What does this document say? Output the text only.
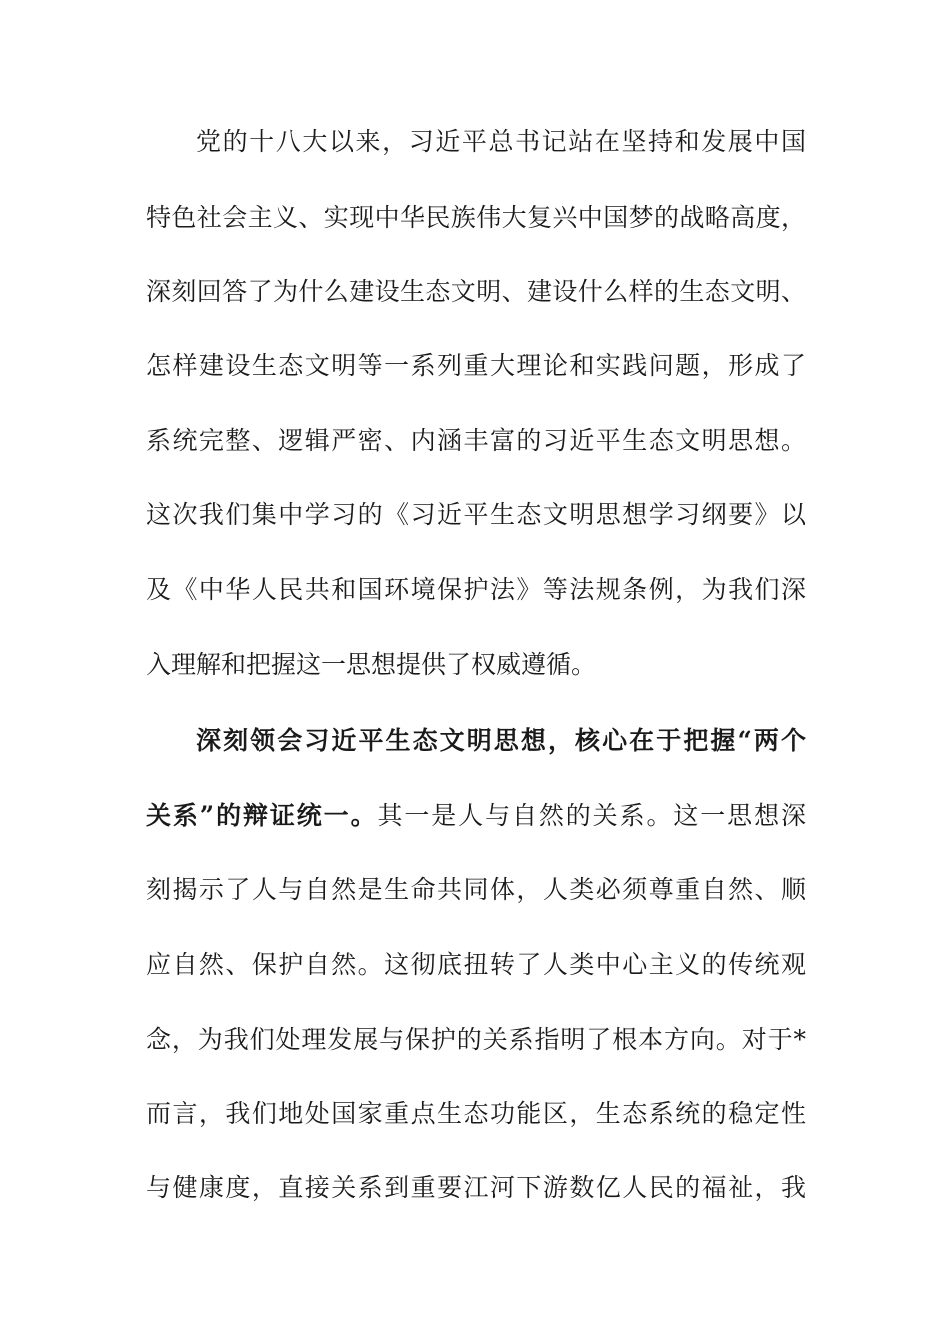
党的十八大以来，习近平总书记站在坚持和发展中国
特色社会主义、实现中华民族伟大复兴中国梦的战略高度，
深刻回答了为什么建设生态文明、建设什么样的生态文明、
怎样建设生态文明等一系列重大理论和实践问题，形成了
系统完整、逻辑严密、内涵丰富的习近平生态文明思想。
这次我们集中学习的《习近平生态文明思想学习纲要》以
及《中华人民共和国环境保护法》等法规条例，为我们深
入理解和把握这一思想提供了权威遵循。
深刻领会习近平生态文明思想，核心在于把握“两个
关系”的辩证统一。其一是人与自然的关系。这一思想深
刻揭示了人与自然是生命共同体，人类必须尊重自然、顺
应自然、保护自然。这彻底扭转了人类中心主义的传统观
念，为我们处理发展与保护的关系指明了根本方向。对于*
而言，我们地处国家重点生态功能区，生态系统的稳定性
与健康度，直接关系到重要江河下游数亿人民的福祉，我
